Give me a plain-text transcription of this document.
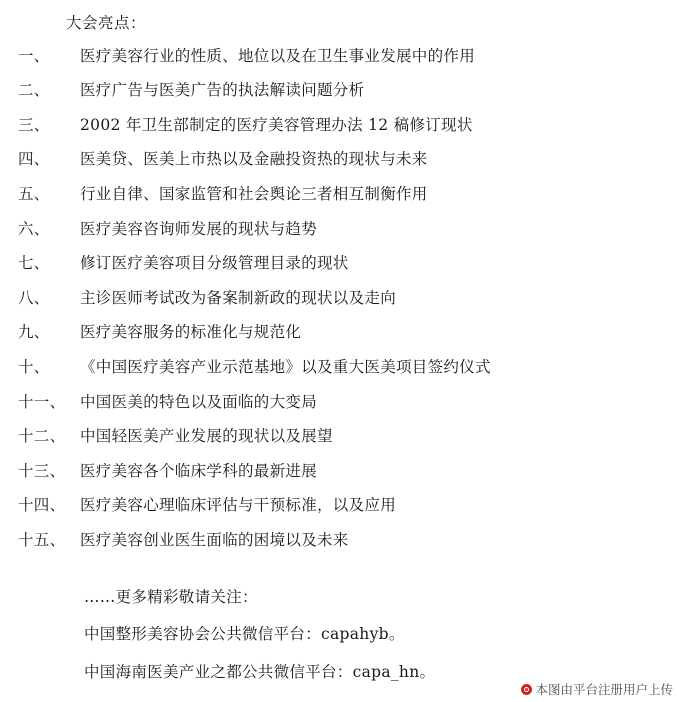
大会亮点：
一、	医疗美容行业的性质、地位以及在卫生事业发展中的作用
二、	医疗广告与医美广告的执法解读问题分析
三、	2002 年卫生部制定的医疗美容管理办法 12 稿修订现状
四、	医美贷、医美上市热以及金融投资热的现状与未来
五、	行业自律、国家监管和社会舆论三者相互制衡作用
六、	医疗美容咨询师发展的现状与趋势
七、	修订医疗美容项目分级管理目录的现状
八、	主诊医师考试改为备案制新政的现状以及走向
九、	医疗美容服务的标准化与规范化
十、	《中国医疗美容产业示范基地》以及重大医美项目签约仪式
十一、 中国医美的特色以及面临的大变局
十二、 中国轻医美产业发展的现状以及展望
十三、 医疗美容各个临床学科的最新进展
十四、 医疗美容心理临床评估与干预标准，以及应用
十五、 医疗美容创业医生面临的困境以及未来
……更多精彩敬请关注：
中国整形美容协会公共微信平台：capahyb。
中国海南医美产业之都公共微信平台：capa_hn。
本图由平台注册用户上传
